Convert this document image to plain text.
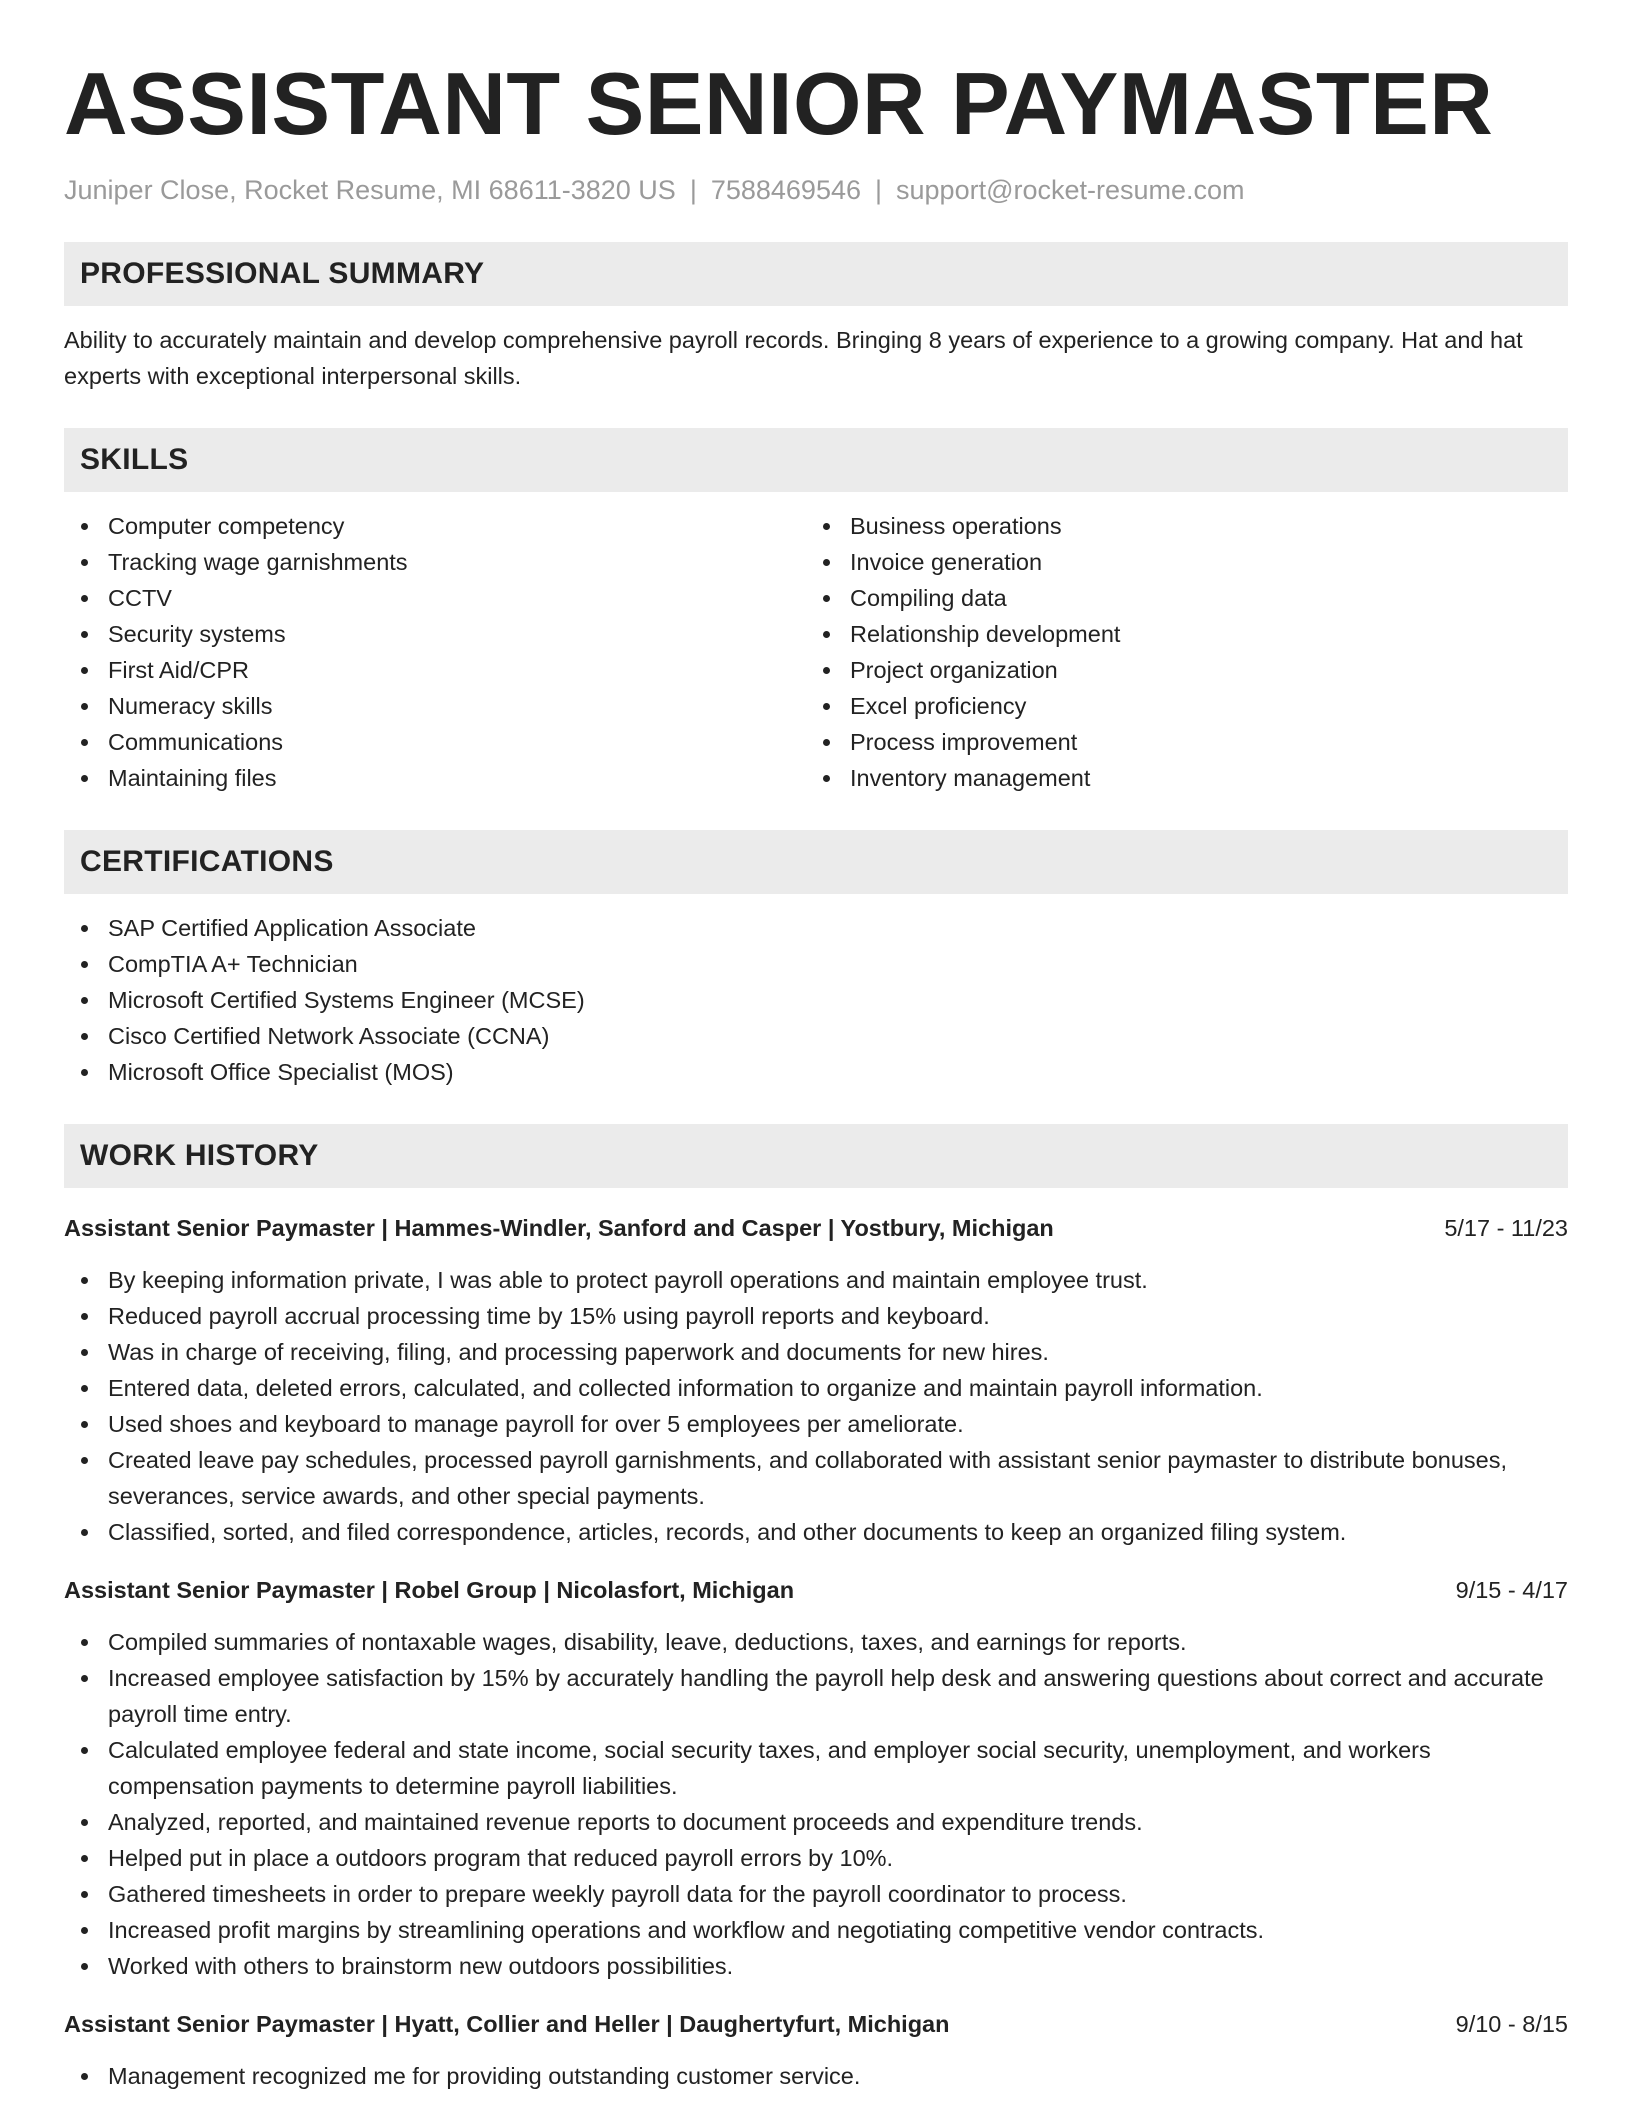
ASSISTANT SENIOR PAYMASTER
Juniper Close, Rocket Resume, MI 68611-3820 US | 7588469546 | support@rocket-resume.com
PROFESSIONAL SUMMARY

Ability to accurately maintain and develop comprehensive payroll records. Bringing 8 years of experience to a growing company. Hat and hat experts with exceptional interpersonal skills.

SKILLS
Computer competency
Tracking wage garnishments
CCTV
Security systems
First Aid/CPR
Numeracy skills
Communications
Maintaining files
Business operations
Invoice generation
Compiling data
Relationship development
Project organization
Excel proficiency
Process improvement
Inventory management
CERTIFICATIONS
SAP Certified Application Associate
CompTIA A+ Technician
Microsoft Certified Systems Engineer (MCSE)
Cisco Certified Network Associate (CCNA)
Microsoft Office Specialist (MOS)
WORK HISTORY
Assistant Senior Paymaster | Hammes-Windler, Sanford and Casper | Yostbury, Michigan	5/17 - 11/23
By keeping information private, I was able to protect payroll operations and maintain employee trust.
Reduced payroll accrual processing time by 15% using payroll reports and keyboard.
Was in charge of receiving, filing, and processing paperwork and documents for new hires.
Entered data, deleted errors, calculated, and collected information to organize and maintain payroll information.
Used shoes and keyboard to manage payroll for over 5 employees per ameliorate.
Created leave pay schedules, processed payroll garnishments, and collaborated with assistant senior paymaster to distribute bonuses, severances, service awards, and other special payments.
Classified, sorted, and filed correspondence, articles, records, and other documents to keep an organized filing system.
Assistant Senior Paymaster | Robel Group | Nicolasfort, Michigan	9/15 - 4/17
Compiled summaries of nontaxable wages, disability, leave, deductions, taxes, and earnings for reports.
Increased employee satisfaction by 15% by accurately handling the payroll help desk and answering questions about correct and accurate payroll time entry.
Calculated employee federal and state income, social security taxes, and employer social security, unemployment, and workers compensation payments to determine payroll liabilities.
Analyzed, reported, and maintained revenue reports to document proceeds and expenditure trends.
Helped put in place a outdoors program that reduced payroll errors by 10%.
Gathered timesheets in order to prepare weekly payroll data for the payroll coordinator to process.
Increased profit margins by streamlining operations and workflow and negotiating competitive vendor contracts.
Worked with others to brainstorm new outdoors possibilities.
Assistant Senior Paymaster | Hyatt, Collier and Heller | Daughertyfurt, Michigan	9/10 - 8/15
Management recognized me for providing outstanding customer service.
